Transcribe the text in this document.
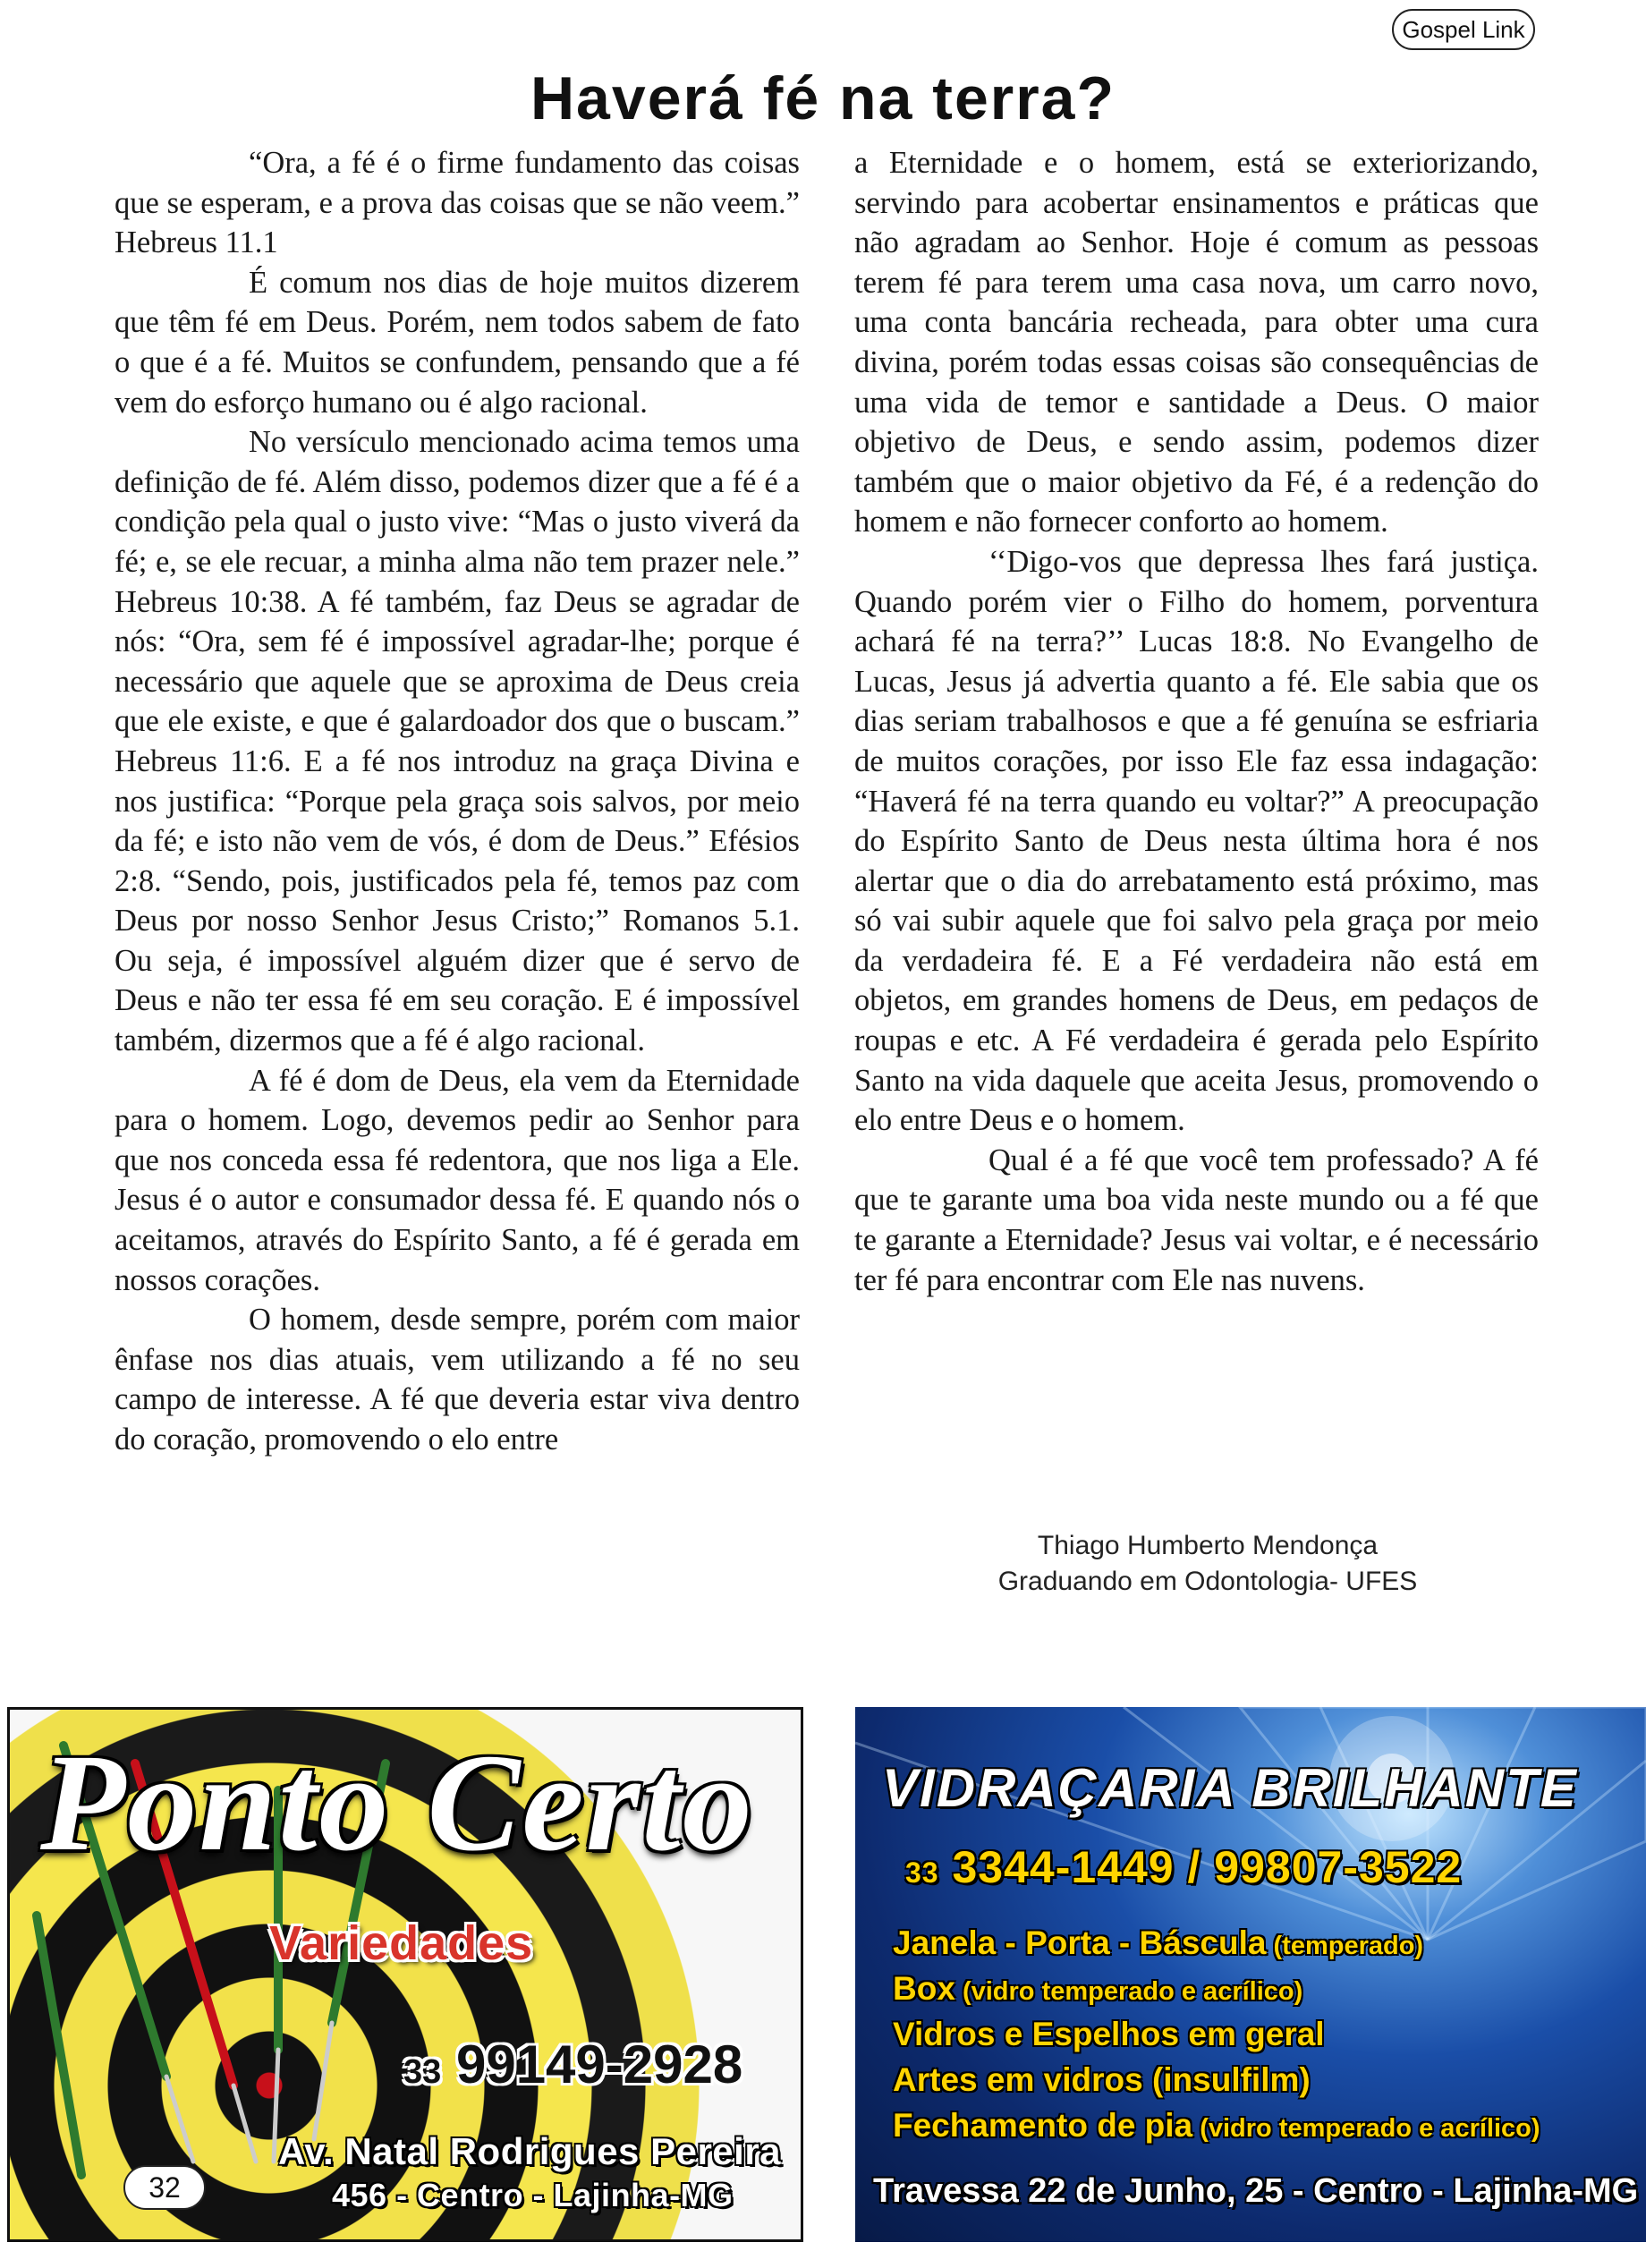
Gospel Link
Haverá fé na terra?

“Ora, a fé é o firme fundamento das coisas que se esperam, e a prova das coisas que se não veem.” Hebreus 11.1

É comum nos dias de hoje muitos dizerem que têm fé em Deus. Porém, nem todos sabem de fato o que é a fé. Muitos se confundem, pensando que a fé vem do esforço humano ou é algo racional.

No versículo mencionado acima temos uma definição de fé. Além disso, podemos dizer que a fé é a condição pela qual o justo vive: “Mas o justo viverá da fé; e, se ele recuar, a minha alma não tem prazer nele.” Hebreus 10:38. A fé também, faz Deus se agradar de nós: “Ora, sem fé é impossível agradar-lhe; porque é necessário que aquele que se aproxima de Deus creia que ele existe, e que é galardoador dos que o buscam.” Hebreus 11:6. E a fé nos introduz na graça Divina e nos justifica: “Porque pela graça sois salvos, por meio da fé; e isto não vem de vós, é dom de Deus.” Efésios 2:8. “Sendo, pois, justificados pela fé, temos paz com Deus por nosso Senhor Jesus Cristo;” Romanos 5.1. Ou seja, é impossível alguém dizer que é servo de Deus e não ter essa fé em seu coração. E é impossível também, dizermos que a fé é algo racional.

A fé é dom de Deus, ela vem da Eternidade para o homem. Logo, devemos pedir ao Senhor para que nos conceda essa fé redentora, que nos liga a Ele. Jesus é o autor e consumador dessa fé. E quando nós o aceitamos, através do Espírito Santo, a fé é gerada em nossos corações.

O homem, desde sempre, porém com maior ênfase nos dias atuais, vem utilizando a fé no seu campo de interesse. A fé que deveria estar viva dentro do coração, promovendo o elo entre

a Eternidade e o homem, está se exteriorizando, servindo para acobertar ensinamentos e práticas que não agradam ao Senhor. Hoje é comum as pessoas terem fé para terem uma casa nova, um carro novo, uma conta bancária recheada, para obter uma cura divina, porém todas essas coisas são consequências de uma vida de temor e santidade a Deus. O maior objetivo de Deus, e sendo assim, podemos dizer também que o maior objetivo da Fé, é a redenção do homem e não fornecer conforto ao homem.

‘‘Digo-vos que depressa lhes fará justiça. Quando porém vier o Filho do homem, porventura achará fé na terra?’’ Lucas 18:8. No Evangelho de Lucas, Jesus já advertia quanto a fé. Ele sabia que os dias seriam trabalhosos e que a fé genuína se esfriaria de muitos corações, por isso Ele faz essa indagação: “Haverá fé na terra quando eu voltar?” A preocupação do Espírito Santo de Deus nesta última hora é nos alertar que o dia do arrebatamento está próximo, mas só vai subir aquele que foi salvo pela graça por meio da verdadeira fé. E a Fé verdadeira não está em objetos, em grandes homens de Deus, em pedaços de roupas e etc. A Fé verdadeira é gerada pelo Espírito Santo na vida daquele que aceita Jesus, promovendo o elo entre Deus e o homem.

Qual é a fé que você tem professado? A fé que te garante uma boa vida neste mundo ou a fé que te garante a Eternidade? Jesus vai voltar, e é necessário ter fé para encontrar com Ele nas nuvens.

Thiago Humberto Mendonça
Graduando em Odontologia- UFES
Ponto Certo
Variedades
33 99149-2928
Av. Natal Rodrigues Pereira
456 - Centro - Lajinha-MG
32
VIDRAÇARIA BRILHANTE
33 3344-1449 / 99807-3522
Janela - Porta - Báscula (temperado)
Box (vidro temperado e acrílico)
Vidros e Espelhos em geral
Artes em vidros (insulfilm)
Fechamento de pia (vidro temperado e acrílico)
Travessa 22 de Junho, 25 - Centro - Lajinha-MG
